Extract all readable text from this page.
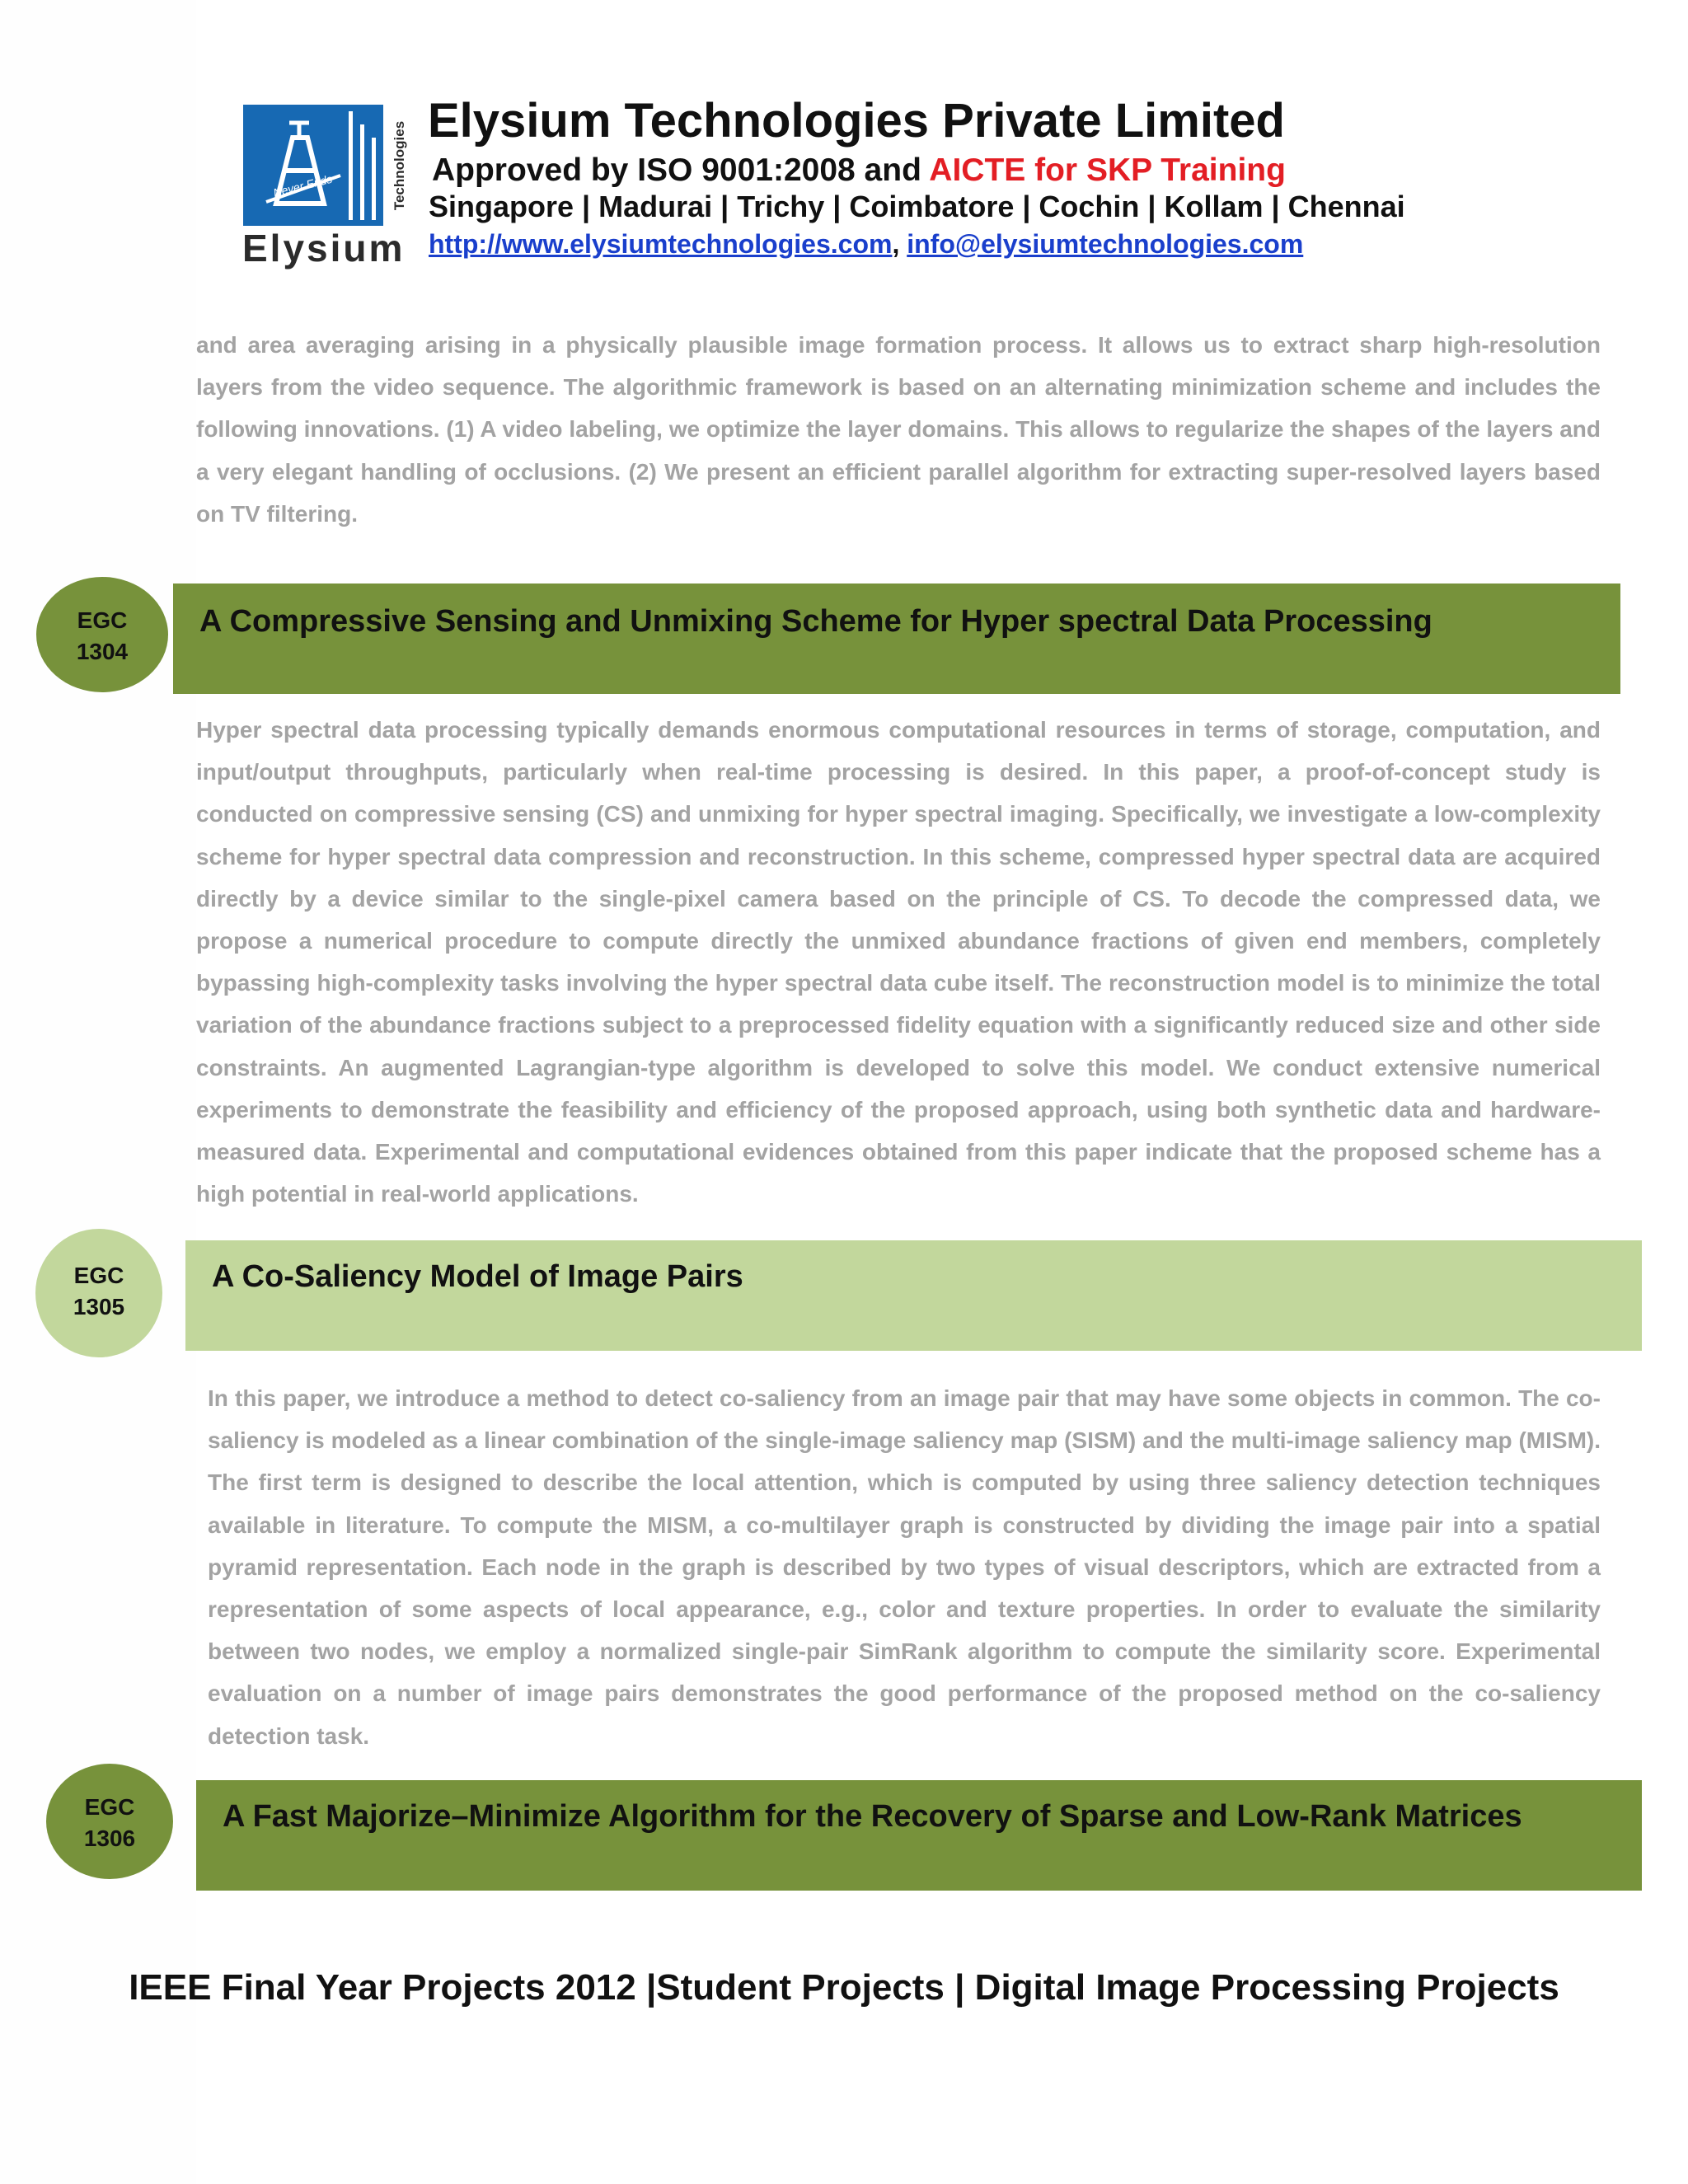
Never Ends	Technologies
Elysium
Elysium Technologies Private Limited
Approved by ISO 9001:2008 and AICTE for SKP Training
Singapore | Madurai | Trichy | Coimbatore | Cochin | Kollam | Chennai
http://www.elysiumtechnologies.com, info@elysiumtechnologies.com

and area averaging arising in a physically plausible image formation process. It allows us to extract sharp high-resolution layers from the video sequence. The algorithmic framework is based on an alternating minimization scheme and includes the following innovations. (1) A video labeling, we optimize the layer domains. This allows to regularize the shapes of the layers and a very elegant handling of occlusions. (2) We present an efficient parallel algorithm for extracting super-resolved layers based on TV filtering.

A Compressive Sensing and Unmixing Scheme for Hyper spectral Data Processing
EGC
1304

Hyper spectral data processing typically demands enormous computational resources in terms of storage, computation, and input/output throughputs, particularly when real-time processing is desired. In this paper, a proof-of-concept study is conducted on compressive sensing (CS) and unmixing for hyper spectral imaging. Specifically, we investigate a low-complexity scheme for hyper spectral data compression and reconstruction. In this scheme, compressed hyper spectral data are acquired directly by a device similar to the single-pixel camera based on the principle of CS. To decode the compressed data, we propose a numerical procedure to compute directly the unmixed abundance fractions of given end members, completely bypassing high-complexity tasks involving the hyper spectral data cube itself. The reconstruction model is to minimize the total variation of the abundance fractions subject to a preprocessed fidelity equation with a significantly reduced size and other side constraints. An augmented Lagrangian-type algorithm is developed to solve this model. We conduct extensive numerical experiments to demonstrate the feasibility and efficiency of the proposed approach, using both synthetic data and hardware-measured data. Experimental and computational evidences obtained from this paper indicate that the proposed scheme has a high potential in real-world applications.

A Co-Saliency Model of Image Pairs
EGC
1305

In this paper, we introduce a method to detect co-saliency from an image pair that may have some objects in common. The co-saliency is modeled as a linear combination of the single-image saliency map (SISM) and the multi-image saliency map (MISM). The first term is designed to describe the local attention, which is computed by using three saliency detection techniques available in literature. To compute the MISM, a co-multilayer graph is constructed by dividing the image pair into a spatial pyramid representation. Each node in the graph is described by two types of visual descriptors, which are extracted from a representation of some aspects of local appearance, e.g., color and texture properties. In order to evaluate the similarity between two nodes, we employ a normalized single-pair SimRank algorithm to compute the similarity score. Experimental evaluation on a number of image pairs demonstrates the good performance of the proposed method on the co-saliency detection task.

A Fast Majorize–Minimize Algorithm for the Recovery of Sparse and Low-Rank Matrices
EGC
1306
IEEE Final Year Projects 2012 |Student Projects | Digital Image Processing Projects
